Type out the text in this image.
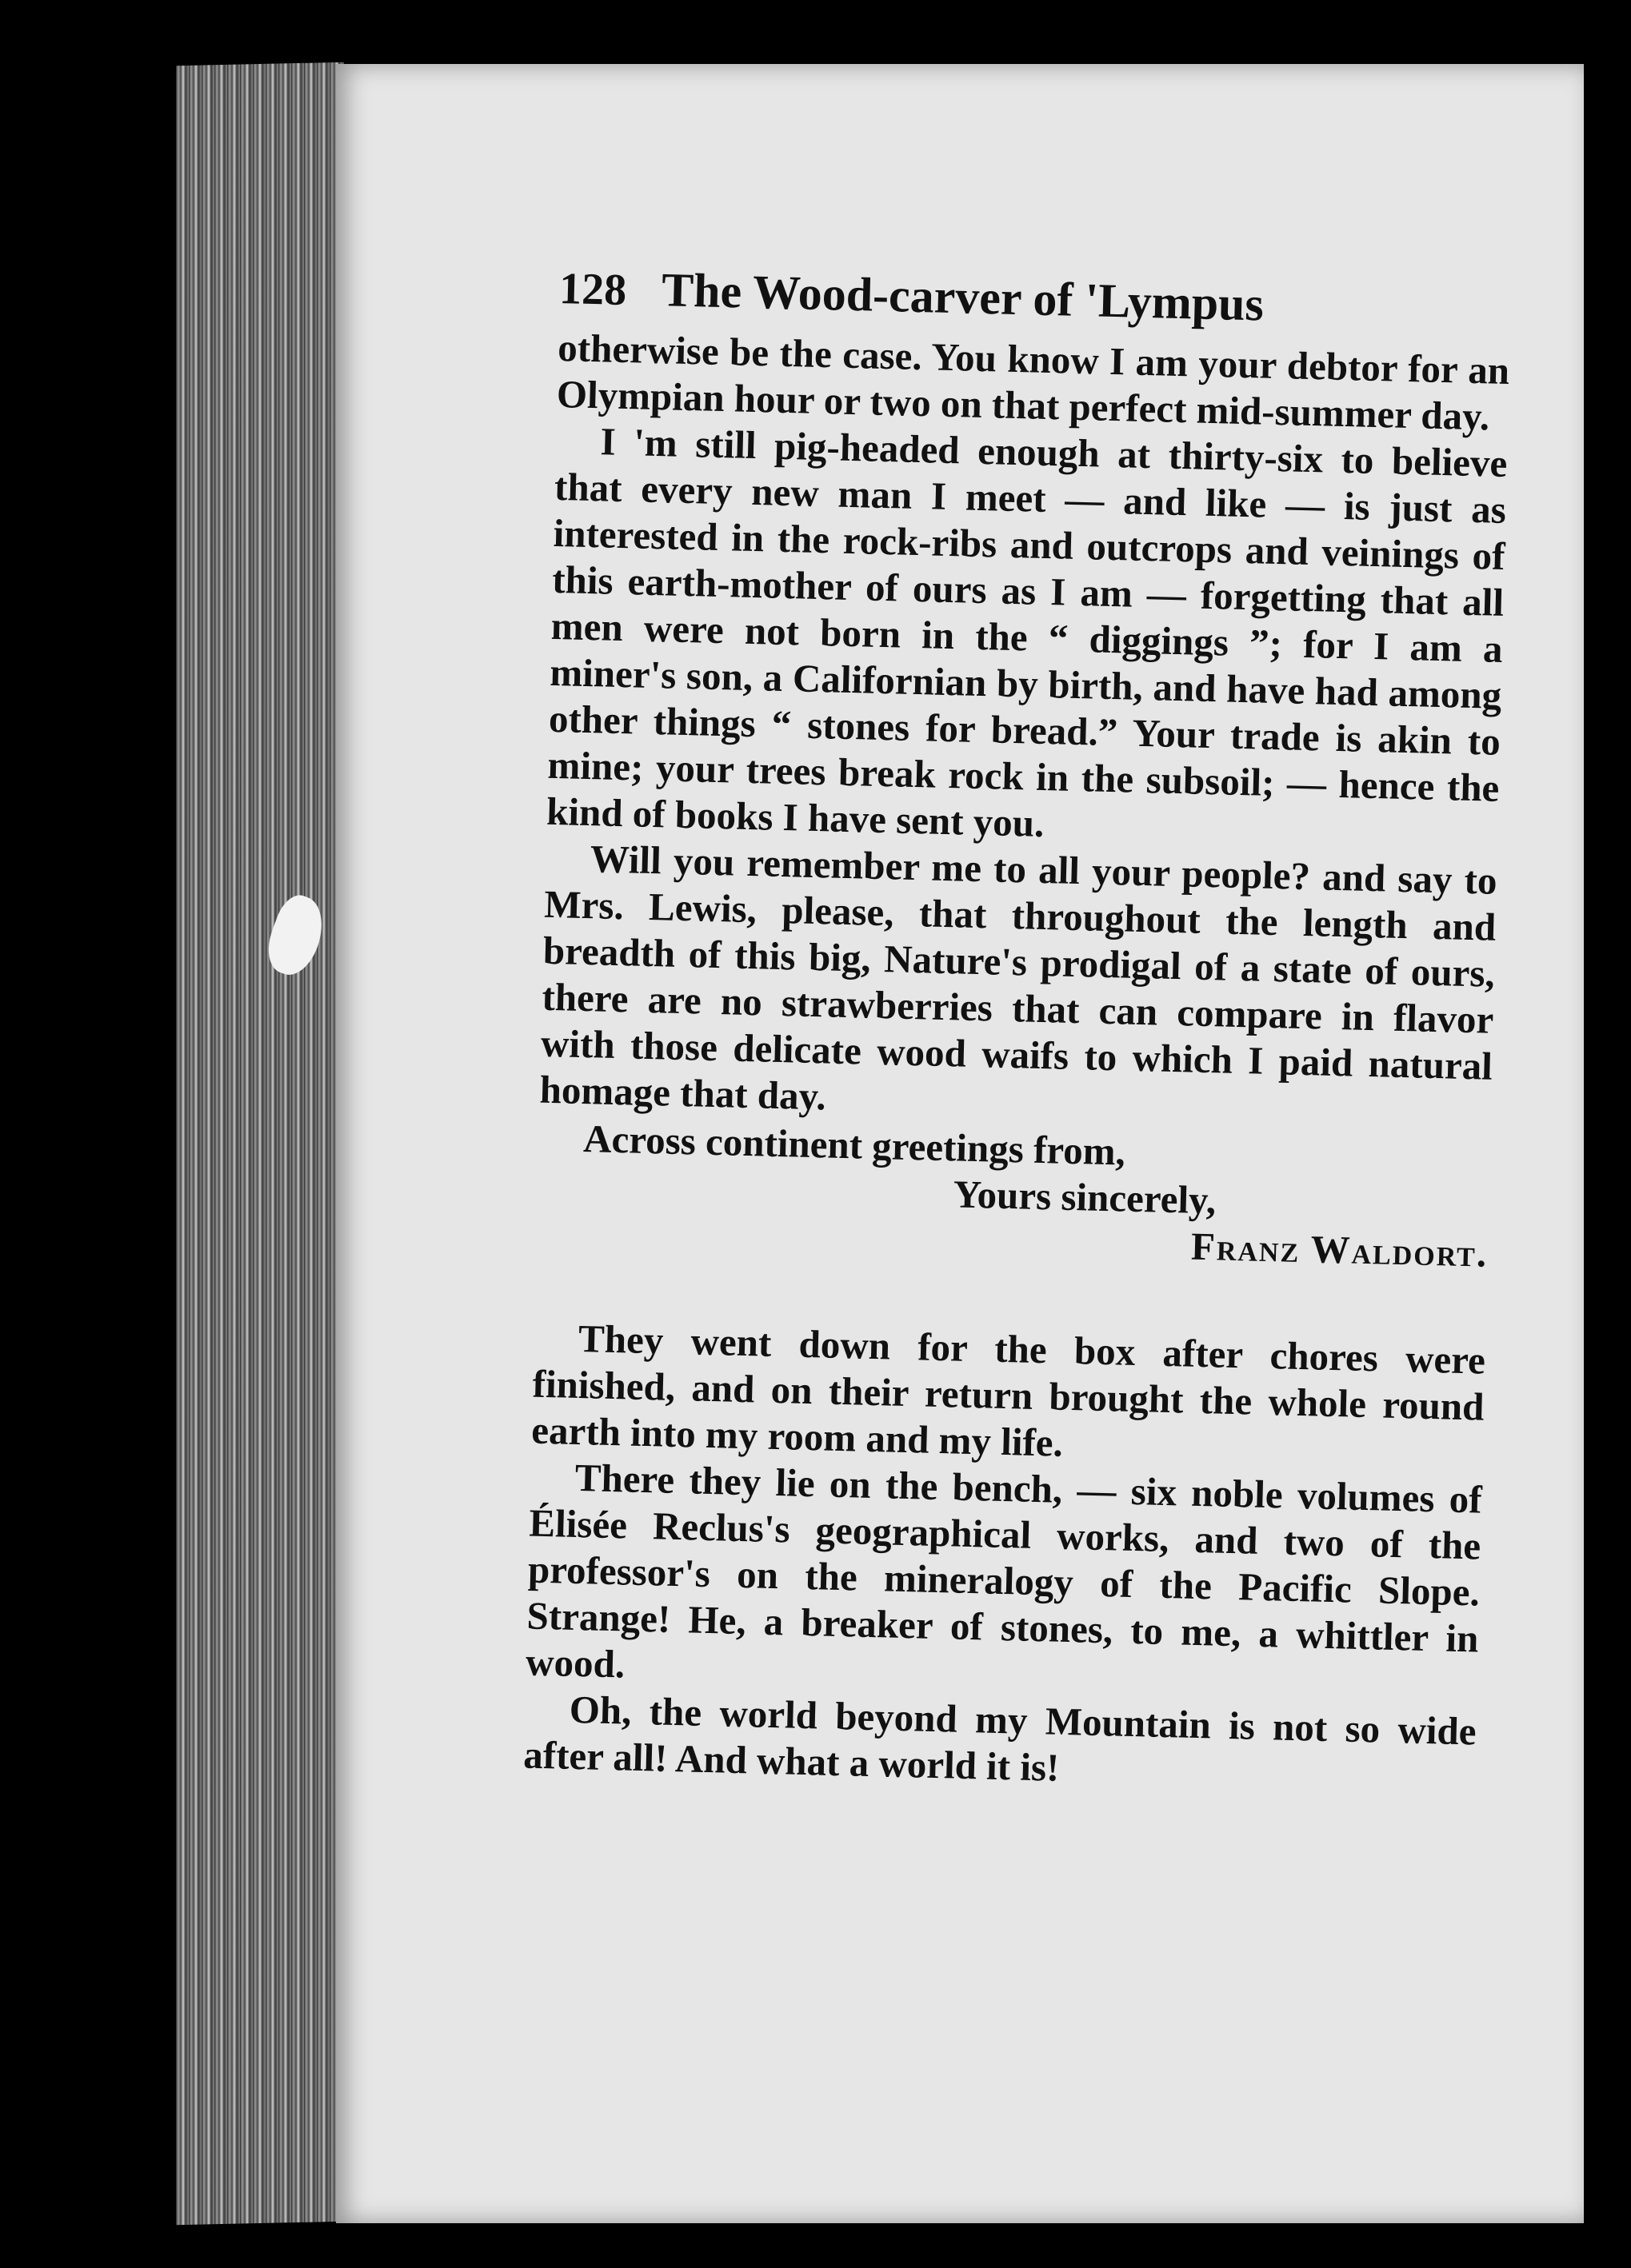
128 The Wood-carver of 'Lympus

otherwise be the case. You know I am your debtor for an Olympian hour or two on that perfect mid-summer day.

I 'm still pig-headed enough at thirty-six to believe that every new man I meet — and like — is just as interested in the rock-ribs and outcrops and veinings of this earth-mother of ours as I am — forgetting that all men were not born in the “ diggings ”; for I am a miner's son, a Californian by birth, and have had among other things “ stones for bread.” Your trade is akin to mine; your trees break rock in the subsoil; — hence the kind of books I have sent you.

Will you remember me to all your people? and say to Mrs. Lewis, please, that throughout the length and breadth of this big, Nature's prodigal of a state of ours, there are no strawberries that can compare in flavor with those delicate wood waifs to which I paid natural homage that day.

Across continent greetings from,

Yours sincerely,

Franz Waldort.

They went down for the box after chores were finished, and on their return brought the whole round earth into my room and my life.

There they lie on the bench, — six noble volumes of Élisée Reclus's geographical works, and two of the professor's on the mineralogy of the Pacific Slope. Strange! He, a breaker of stones, to me, a whittler in wood.

Oh, the world beyond my Mountain is not so wide after all! And what a world it is!
